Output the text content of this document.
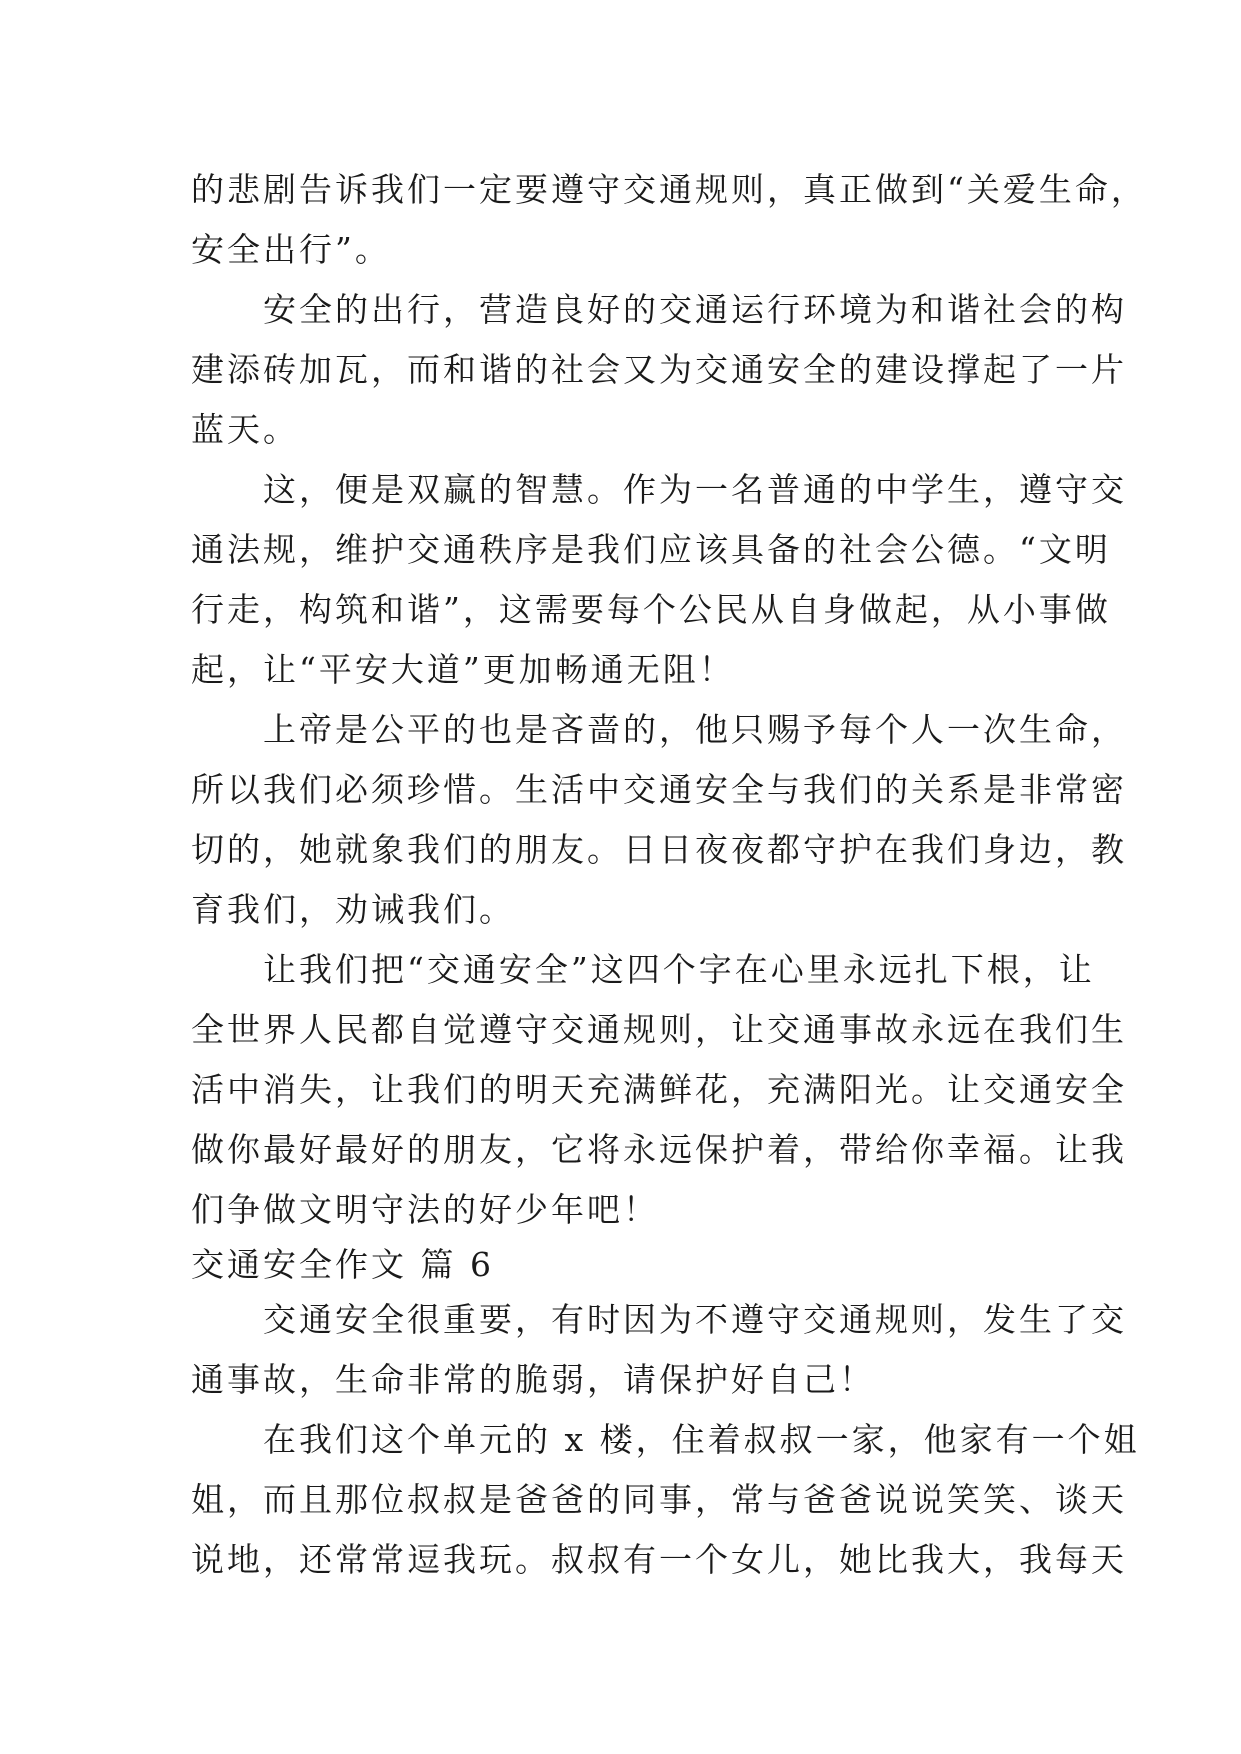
的悲剧告诉我们一定要遵守交通规则，真正做到“关爱生命，
安全出行”。
　　安全的出行，营造良好的交通运行环境为和谐社会的构
建添砖加瓦，而和谐的社会又为交通安全的建设撑起了一片
蓝天。
　　这，便是双赢的智慧。作为一名普通的中学生，遵守交
通法规，维护交通秩序是我们应该具备的社会公德。“文明
行走，构筑和谐”，这需要每个公民从自身做起，从小事做
起，让“平安大道”更加畅通无阻！
　　上帝是公平的也是吝啬的，他只赐予每个人一次生命，
所以我们必须珍惜。生活中交通安全与我们的关系是非常密
切的，她就象我们的朋友。日日夜夜都守护在我们身边，教
育我们，劝诫我们。
　　让我们把“交通安全”这四个字在心里永远扎下根，让
全世界人民都自觉遵守交通规则，让交通事故永远在我们生
活中消失，让我们的明天充满鲜花，充满阳光。让交通安全
做你最好最好的朋友，它将永远保护着，带给你幸福。让我
们争做文明守法的好少年吧！
交通安全作文 篇 6
　　交通安全很重要，有时因为不遵守交通规则，发生了交
通事故，生命非常的脆弱，请保护好自己！
　　在我们这个单元的 x 楼，住着叔叔一家，他家有一个姐
姐，而且那位叔叔是爸爸的同事，常与爸爸说说笑笑、谈天
说地，还常常逗我玩。叔叔有一个女儿，她比我大，我每天
